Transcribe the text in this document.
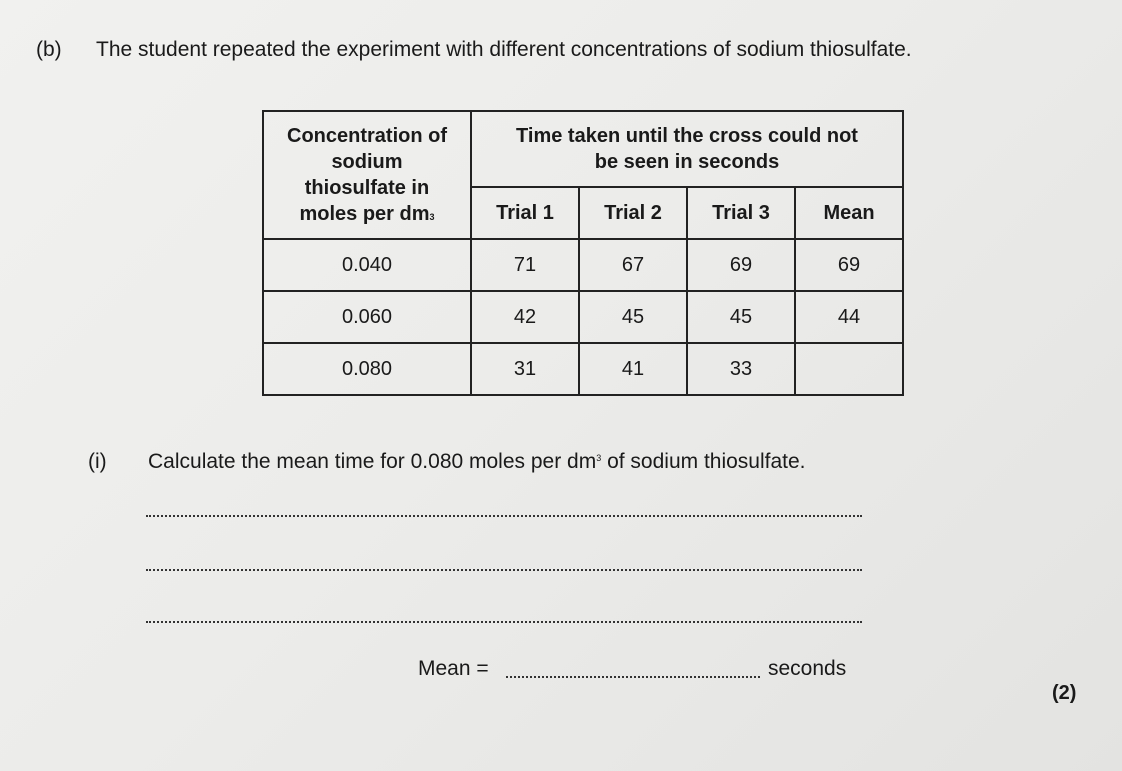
(b) The student repeated the experiment with different concentrations of sodium thiosulfate.
Concentration of
sodium
thiosulfate in
moles per $dm^3$	Time taken until the cross could not
be seen in seconds			
	Trial 1	Trial 2	Trial 3	Mean
0.040	71	67	69	69
0.060	42	45	45	44
0.080	31	41	33	
(i) Calculate the mean time for 0.080 moles per $dm^3$ of sodium thiosulfate.
Mean =	seconds
(2)
